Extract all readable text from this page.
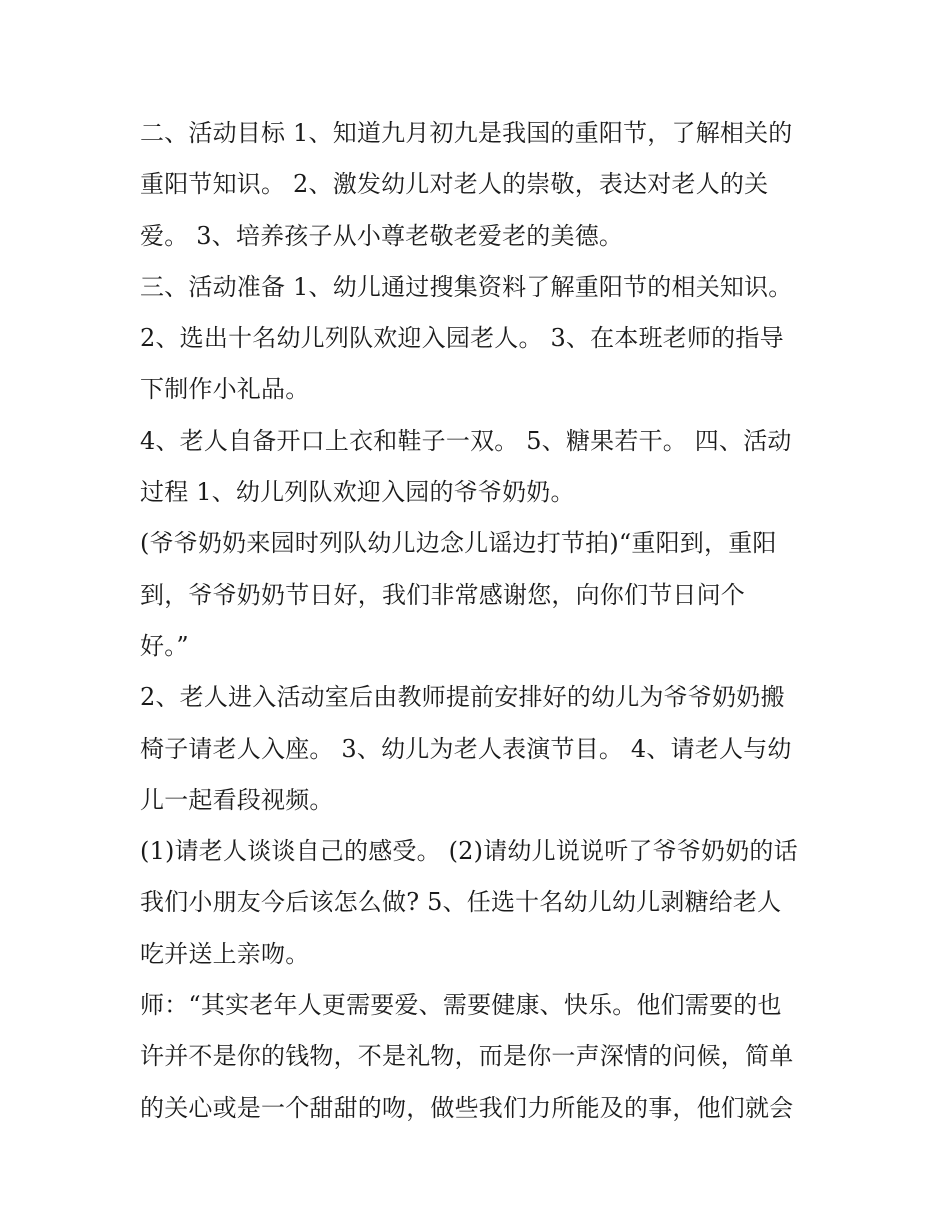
二、活动目标 1、知道九月初九是我国的重阳节，了解相关的
重阳节知识。 2、激发幼儿对老人的崇敬，表达对老人的关
爱。 3、培养孩子从小尊老敬老爱老的美德。
三、活动准备 1、幼儿通过搜集资料了解重阳节的相关知识。
2、选出十名幼儿列队欢迎入园老人。 3、在本班老师的指导
下制作小礼品。
4、老人自备开口上衣和鞋子一双。 5、糖果若干。 四、活动
过程 1、幼儿列队欢迎入园的爷爷奶奶。
(爷爷奶奶来园时列队幼儿边念儿谣边打节拍)“重阳到，重阳
到，爷爷奶奶节日好，我们非常感谢您，向你们节日问个
好。”
2、老人进入活动室后由教师提前安排好的幼儿为爷爷奶奶搬
椅子请老人入座。 3、幼儿为老人表演节目。 4、请老人与幼
儿一起看段视频。
(1)请老人谈谈自己的感受。 (2)请幼儿说说听了爷爷奶奶的话
我们小朋友今后该怎么做? 5、任选十名幼儿幼儿剥糖给老人
吃并送上亲吻。
师：“其实老年人更需要爱、需要健康、快乐。他们需要的也
许并不是你的钱物，不是礼物，而是你一声深情的问候，简单
的关心或是一个甜甜的吻，做些我们力所能及的事，他们就会
